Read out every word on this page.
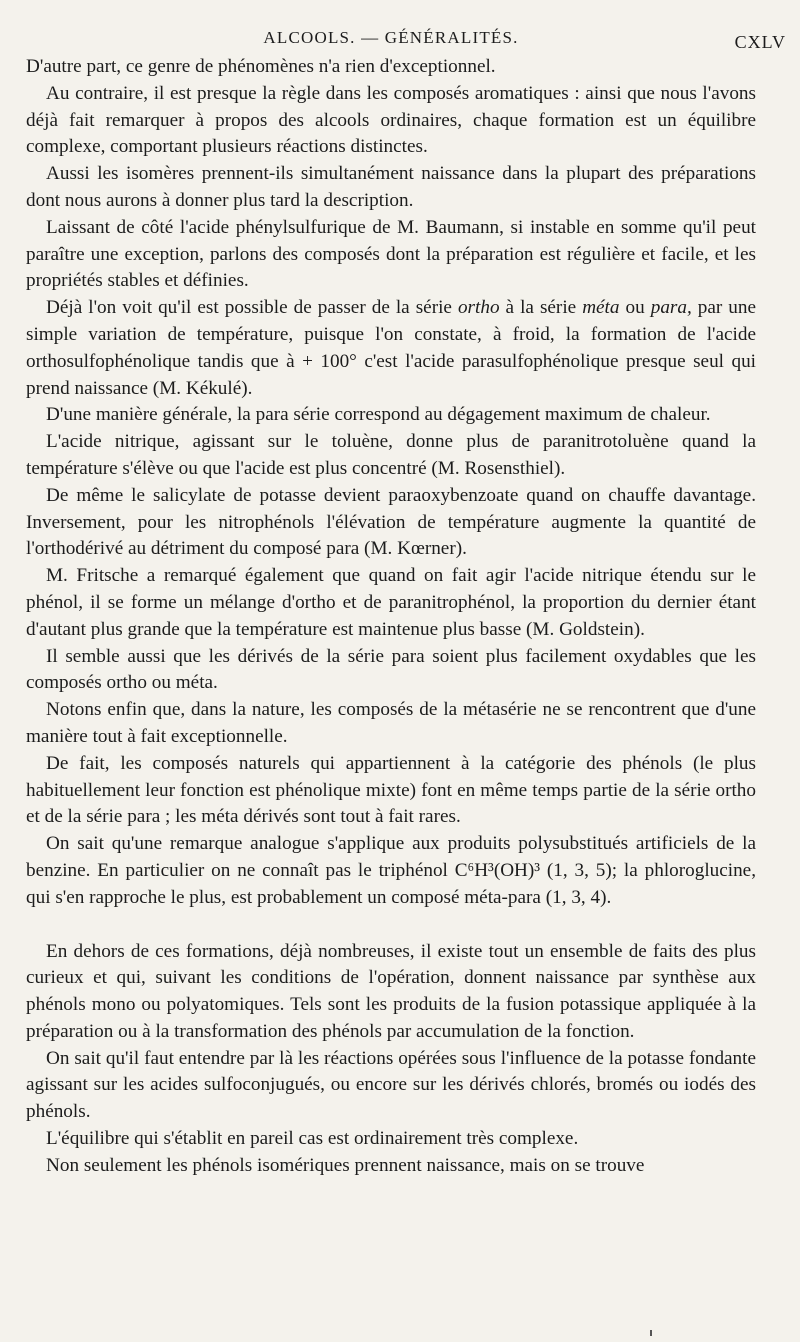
ALCOOLS. — GÉNÉRALITÉS.	CXLV

D'autre part, ce genre de phénomènes n'a rien d'exceptionnel.

Au contraire, il est presque la règle dans les composés aromatiques : ainsi que nous l'avons déjà fait remarquer à propos des alcools ordinaires, chaque formation est un équilibre complexe, comportant plusieurs réactions distinctes.

Aussi les isomères prennent-ils simultanément naissance dans la plupart des préparations dont nous aurons à donner plus tard la description.

Laissant de côté l'acide phénylsulfurique de M. Baumann, si instable en somme qu'il peut paraître une exception, parlons des composés dont la préparation est régulière et facile, et les propriétés stables et définies.

Déjà l'on voit qu'il est possible de passer de la série ortho à la série méta ou para, par une simple variation de température, puisque l'on constate, à froid, la formation de l'acide orthosulfophénolique tandis que à + 100° c'est l'acide parasulfophénolique presque seul qui prend naissance (M. Kékulé).

D'une manière générale, la para série correspond au dégagement maximum de chaleur.

L'acide nitrique, agissant sur le toluène, donne plus de paranitrotoluène quand la température s'élève ou que l'acide est plus concentré (M. Rosensthiel).

De même le salicylate de potasse devient paraoxybenzoate quand on chauffe davantage. Inversement, pour les nitrophénols l'élévation de température augmente la quantité de l'orthodérivé au détriment du composé para (M. Kœrner).

M. Fritsche a remarqué également que quand on fait agir l'acide nitrique étendu sur le phénol, il se forme un mélange d'ortho et de paranitrophénol, la proportion du dernier étant d'autant plus grande que la température est maintenue plus basse (M. Goldstein).

Il semble aussi que les dérivés de la série para soient plus facilement oxydables que les composés ortho ou méta.

Notons enfin que, dans la nature, les composés de la métasérie ne se rencontrent que d'une manière tout à fait exceptionnelle.

De fait, les composés naturels qui appartiennent à la catégorie des phénols (le plus habituellement leur fonction est phénolique mixte) font en même temps partie de la série ortho et de la série para ; les méta dérivés sont tout à fait rares.

On sait qu'une remarque analogue s'applique aux produits polysubstitués artificiels de la benzine. En particulier on ne connaît pas le triphénol C⁶H³(OH)³ (1, 3, 5); la phloroglucine, qui s'en rapproche le plus, est probablement un composé méta-para (1, 3, 4).

En dehors de ces formations, déjà nombreuses, il existe tout un ensemble de faits des plus curieux et qui, suivant les conditions de l'opération, donnent naissance par synthèse aux phénols mono ou polyatomiques. Tels sont les produits de la fusion potassique appliquée à la préparation ou à la transformation des phénols par accumulation de la fonction.

On sait qu'il faut entendre par là les réactions opérées sous l'influence de la potasse fondante agissant sur les acides sulfoconjugués, ou encore sur les dérivés chlorés, bromés ou iodés des phénols.

L'équilibre qui s'établit en pareil cas est ordinairement très complexe.

Non seulement les phénols isomériques prennent naissance, mais on se trouve
